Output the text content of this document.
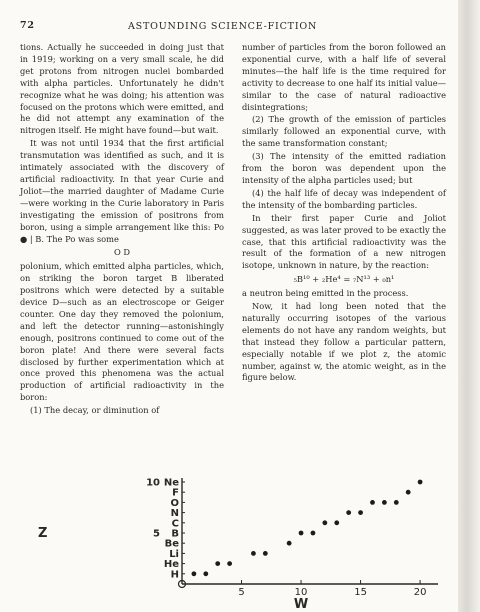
72	ASTOUNDING SCIENCE-FICTION

tions. Actually he succeeded in doing just that in 1919; working on a very small scale, he did get protons from nitrogen nuclei bombarded with alpha particles. Unfortunately he didn't recognize what he was doing; his attention was focused on the protons which were emitted, and he did not attempt any examination of the nitrogen itself. He might have found—but wait.

It was not until 1934 that the first artificial transmutation was identified as such, and it is intimately associated with the discovery of artificial radioactivity. In that year Curie and Joliot—the married daughter of Madame Curie—were working in the Curie laboratory in Paris investigating the emission of positrons from boron, using a simple arrangement like this: Po ● | B. The Po was some

O D

polonium, which emitted alpha particles, which, on striking the boron target B liberated positrons which were detected by a suitable device D—such as an electroscope or Geiger counter. One day they removed the polonium, and left the detector running—astonishingly enough, positrons continued to come out of the boron plate! And there were several facts disclosed by further experimentation which at once proved this phenomena was the actual production of artificial radioactivity in the boron:

(1) The decay, or diminution of

number of particles from the boron followed an exponential curve, with a half life of several minutes—the half life is the time required for activity to decrease to one half its initial value—similar to the case of natural radioactive disintegrations;

(2) The growth of the emission of particles similarly followed an exponential curve, with the same transformation constant;

(3) The intensity of the emitted radiation from the boron was dependent upon the intensity of the alpha particles used; but

(4) the half life of decay was independent of the intensity of the bombarding particles.

In their first paper Curie and Joliot suggested, as was later proved to be exactly the case, that this artificial radioactivity was the result of the formation of a new nitrogen isotope, unknown in nature, by the reaction:

₅B¹⁰ + ₂He⁴ = ₇N¹³ + ₀n¹

a neutron being emitted in the process.

Now, it had long been noted that the naturally occurring isotopes of the various elements do not have any random weights, but that instead they follow a particular pattern, especially notable if we plot z, the atomic number, against w, the atomic weight, as in the figure below.

Ne
F
O
N
C
B
Be
Li
He
H
10
5
5	10	15	20
Z
W
